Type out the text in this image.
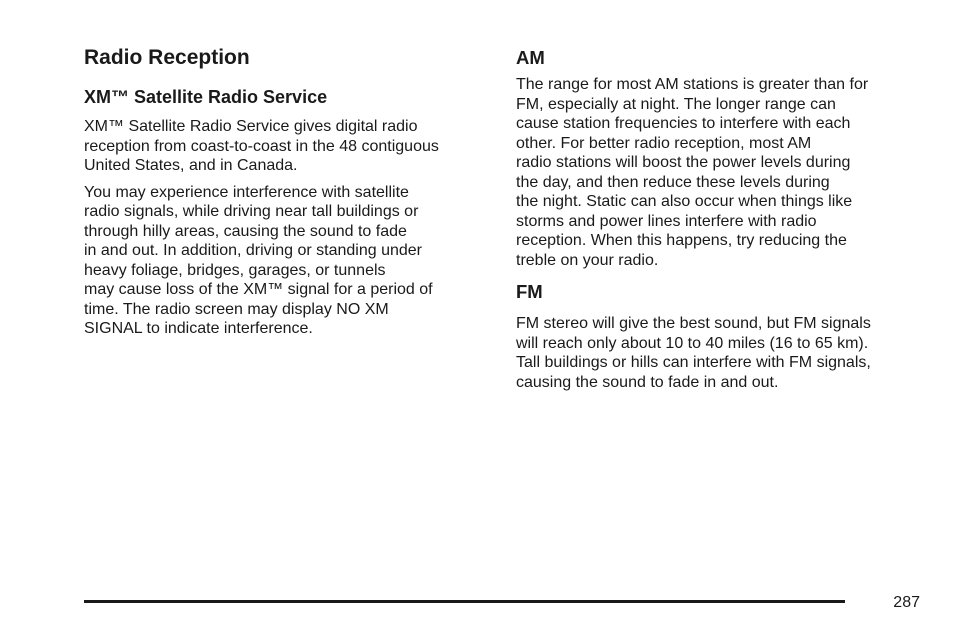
Radio Reception
XM™ Satellite Radio Service

XM™ Satellite Radio Service gives digital radio
reception from coast-to-coast in the 48 contiguous
United States, and in Canada.

You may experience interference with satellite
radio signals, while driving near tall buildings or
through hilly areas, causing the sound to fade
in and out. In addition, driving or standing under
heavy foliage, bridges, garages, or tunnels
may cause loss of the XM™ signal for a period of
time. The radio screen may display NO XM
SIGNAL to indicate interference.

AM

The range for most AM stations is greater than for
FM, especially at night. The longer range can
cause station frequencies to interfere with each
other. For better radio reception, most AM
radio stations will boost the power levels during
the day, and then reduce these levels during
the night. Static can also occur when things like
storms and power lines interfere with radio
reception. When this happens, try reducing the
treble on your radio.

FM

FM stereo will give the best sound, but FM signals
will reach only about 10 to 40 miles (16 to 65 km).
Tall buildings or hills can interfere with FM signals,
causing the sound to fade in and out.

287
